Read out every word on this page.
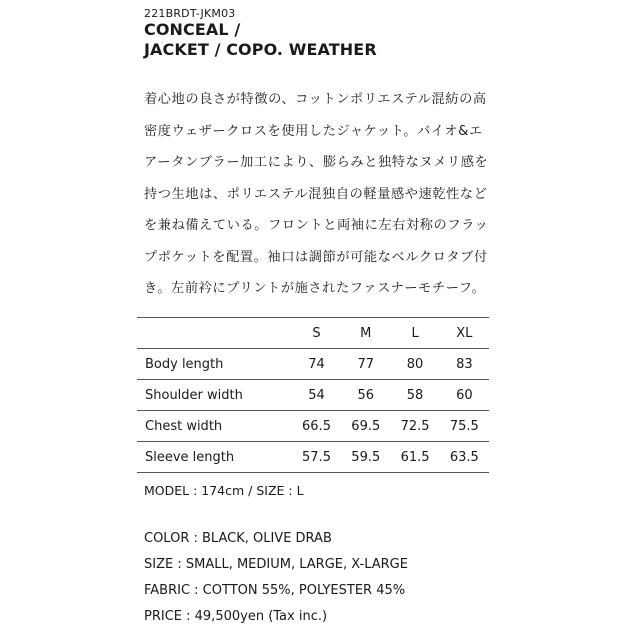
221BRDT-JKM03
CONCEAL /
JACKET / COPO. WEATHER
着心地の良さが特徴の、コットンポリエステル混紡の高
密度ウェザークロスを使用したジャケット。バイオ&エ
アータンブラー加工により、膨らみと独特なヌメリ感を
持つ生地は、ポリエステル混独自の軽量感や速乾性など
を兼ね備えている。フロントと両袖に左右対称のフラッ
プポケットを配置。袖口は調節が可能なベルクロタブ付
き。左前衿にプリントが施されたファスナーモチーフ。
	S	M	L	XL
Body length	74	77	80	83
Shoulder width	54	56	58	60
Chest width	66.5	69.5	72.5	75.5
Sleeve length	57.5	59.5	61.5	63.5
MODEL : 174cm / SIZE : L
COLOR : BLACK, OLIVE DRAB
SIZE : SMALL, MEDIUM, LARGE, X-LARGE
FABRIC : COTTON 55%, POLYESTER 45%
PRICE : 49,500yen (Tax inc.)
